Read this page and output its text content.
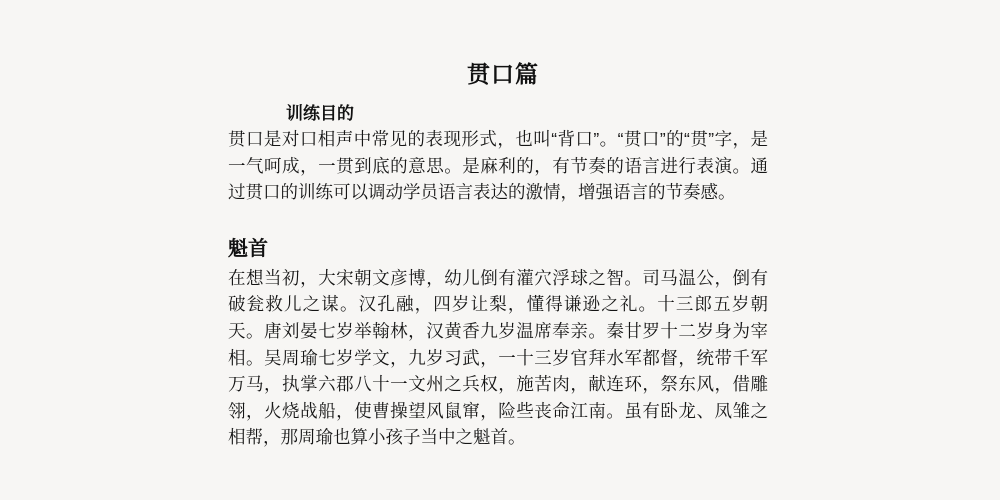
贯口篇
训练目的

贯口是对口相声中常见的表现形式，也叫“背口”。“贯口”的“贯”字，是一气呵成，一贯到底的意思。是麻利的，有节奏的语言进行表演。通过贯口的训练可以调动学员语言表达的激情，增强语言的节奏感。

魁首

在想当初，大宋朝文彦博，幼儿倒有灌穴浮球之智。司马温公，倒有破瓮救儿之谋。汉孔融，四岁让梨，懂得谦逊之礼。十三郎五岁朝天。唐刘晏七岁举翰林，汉黄香九岁温席奉亲。秦甘罗十二岁身为宰相。吴周瑜七岁学文，九岁习武，一十三岁官拜水军都督，统带千军万马，执掌六郡八十一文州之兵权，施苦肉，献连环，祭东风，借雕翎，火烧战船，使曹操望风鼠窜，险些丧命江南。虽有卧龙、凤雏之相帮，那周瑜也算小孩子当中之魁首。
